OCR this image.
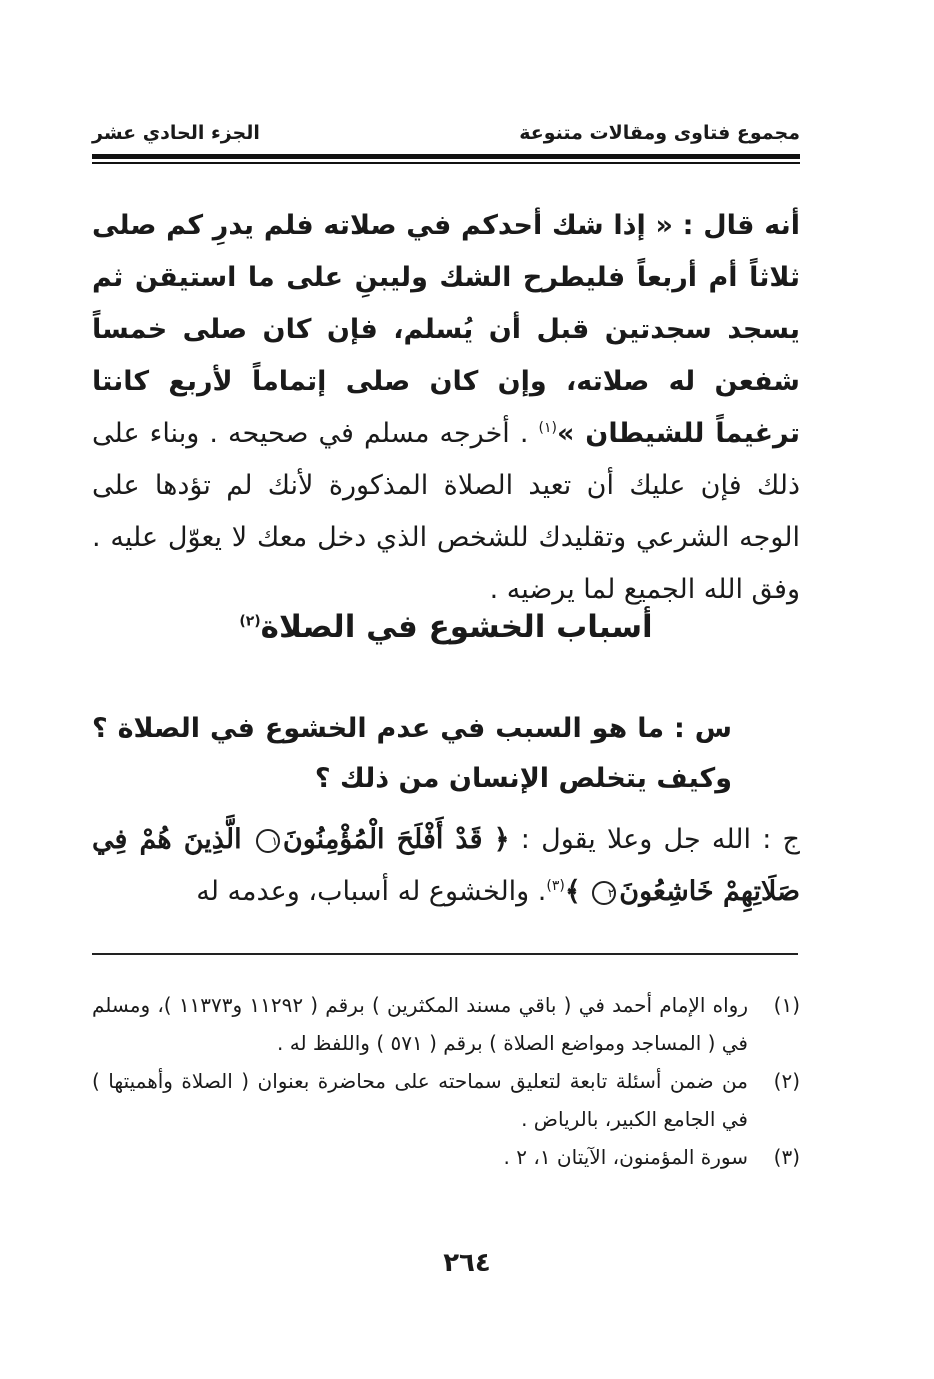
مجموع فتاوى ومقالات متنوعة
الجزء الحادي عشر

أنه قال : « إذا شك أحدكم في صلاته فلم يدرِ كم صلى ثلاثاً أم أربعاً فليطرح الشك وليبنِ على ما استيقن ثم يسجد سجدتين قبل أن يُسلم، فإن كان صلى خمساً شفعن له صلاته، وإن كان صلى إتماماً لأربع كانتا ترغيماً للشيطان »$^{(١)}$ . أخرجه مسلم في صحيحه . وبناء على ذلك فإن عليك أن تعيد الصلاة المذكورة لأنك لم تؤدها على الوجه الشرعي وتقليدك للشخص الذي دخل معك لا يعوّل عليه . وفق الله الجميع لما يرضيه .

أسباب الخشوع في الصلاة$^{(٢)}$

س : ما هو السبب في عدم الخشوع في الصلاة ؟ وكيف يتخلص الإنسان من ذلك ؟

ج : الله جل وعلا يقول : ﴿ قَدْ أَفْلَحَ الْمُؤْمِنُونَ١ الَّذِينَ هُمْ فِي صَلَاتِهِمْ خَاشِعُونَ٢ ﴾$^{(٣)}$. والخشوع له أسباب، وعدمه له

(١)
رواه الإمام أحمد في ( باقي مسند المكثرين ) برقم ( ١١٢٩٢ و١١٣٧٣ )، ومسلم في ( المساجد ومواضع الصلاة ) برقم ( ٥٧١ ) واللفظ له .
(٢)
من ضمن أسئلة تابعة لتعليق سماحته على محاضرة بعنوان ( الصلاة وأهميتها ) في الجامع الكبير، بالرياض .
(٣)
سورة المؤمنون، الآيتان ١، ٢ .
٢٦٤
